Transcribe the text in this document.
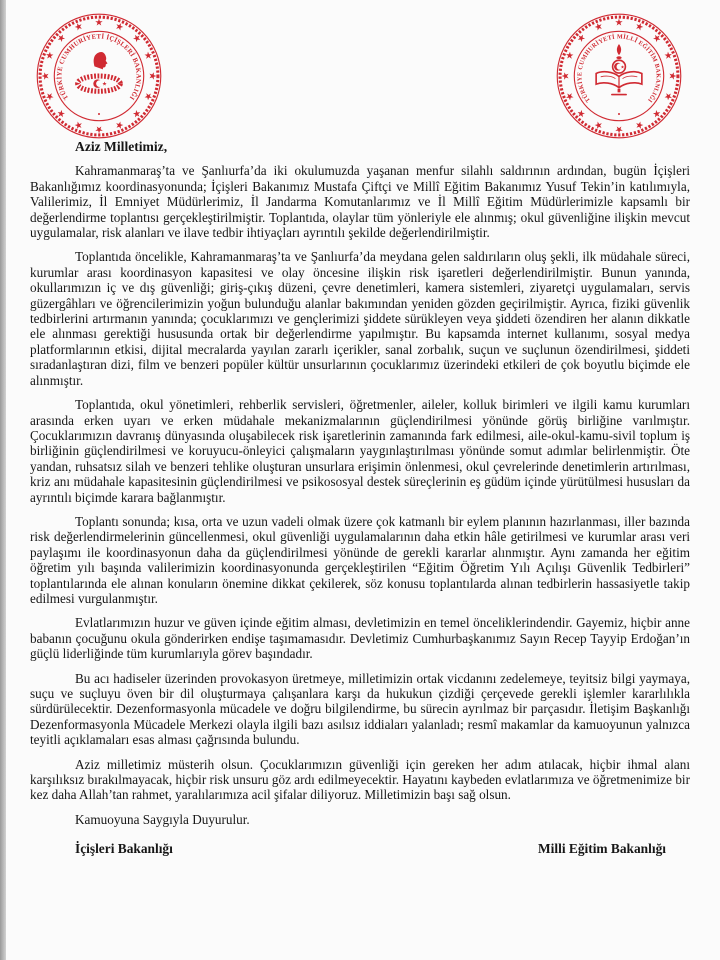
★
★
★
★
★
★
★
★
★
★
★
★ ★ ★
★
★
TÜRKİYE CUMHURİYETİ İÇİŞLERİ BAKANLIĞI
★
★
★
★
★
★
★
★
★
★
★
★
★ ★ ★
★
★
TÜRKİYE CUMHURİYETİ MİLLÎ EĞİTİM BAKANLIĞI
★

Aziz Milletimiz,

Kahramanmaraş’ta ve Şanlıurfa’da iki okulumuzda yaşanan menfur silahlı saldırının ardından, bugün İçişleri Bakanlığımız koordinasyonunda; İçişleri Bakanımız Mustafa Çiftçi ve Millî Eğitim Bakanımız Yusuf Tekin’in katılımıyla, Valilerimiz, İl Emniyet Müdürlerimiz, İl Jandarma Komutanlarımız ve İl Millî Eğitim Müdürlerimizle kapsamlı bir değerlendirme toplantısı gerçekleştirilmiştir. Toplantıda, olaylar tüm yönleriyle ele alınmış; okul güvenliğine ilişkin mevcut uygulamalar, risk alanları ve ilave tedbir ihtiyaçları ayrıntılı şekilde değerlendirilmiştir.

Toplantıda öncelikle, Kahramanmaraş’ta ve Şanlıurfa’da meydana gelen saldırıların oluş şekli, ilk müdahale süreci, kurumlar arası koordinasyon kapasitesi ve olay öncesine ilişkin risk işaretleri değerlendirilmiştir. Bunun yanında, okullarımızın iç ve dış güvenliği; giriş-çıkış düzeni, çevre denetimleri, kamera sistemleri, ziyaretçi uygulamaları, servis güzergâhları ve öğrencilerimizin yoğun bulunduğu alanlar bakımından yeniden gözden geçirilmiştir. Ayrıca, fiziki güvenlik tedbirlerini artırmanın yanında; çocuklarımızı ve gençlerimizi şiddete sürükleyen veya şiddeti özendiren her alanın dikkatle ele alınması gerektiği hususunda ortak bir değerlendirme yapılmıştır. Bu kapsamda internet kullanımı, sosyal medya platformlarının etkisi, dijital mecralarda yayılan zararlı içerikler, sanal zorbalık, suçun ve suçlunun özendirilmesi, şiddeti sıradanlaştıran dizi, film ve benzeri popüler kültür unsurlarının çocuklarımız üzerindeki etkileri de çok boyutlu biçimde ele alınmıştır.

Toplantıda, okul yönetimleri, rehberlik servisleri, öğretmenler, aileler, kolluk birimleri ve ilgili kamu kurumları arasında erken uyarı ve erken müdahale mekanizmalarının güçlendirilmesi yönünde görüş birliğine varılmıştır. Çocuklarımızın davranış dünyasında oluşabilecek risk işaretlerinin zamanında fark edilmesi, aile-okul-kamu-sivil toplum iş birliğinin güçlendirilmesi ve koruyucu-önleyici çalışmaların yaygınlaştırılması yönünde somut adımlar belirlenmiştir. Öte yandan, ruhsatsız silah ve benzeri tehlike oluşturan unsurlara erişimin önlenmesi, okul çevrelerinde denetimlerin artırılması, kriz anı müdahale kapasitesinin güçlendirilmesi ve psikososyal destek süreçlerinin eş güdüm içinde yürütülmesi hususları da ayrıntılı biçimde karara bağlanmıştır.

Toplantı sonunda; kısa, orta ve uzun vadeli olmak üzere çok katmanlı bir eylem planının hazırlanması, iller bazında risk değerlendirmelerinin güncellenmesi, okul güvenliği uygulamalarının daha etkin hâle getirilmesi ve kurumlar arası veri paylaşımı ile koordinasyonun daha da güçlendirilmesi yönünde de gerekli kararlar alınmıştır. Aynı zamanda her eğitim öğretim yılı başında valilerimizin koordinasyonunda gerçekleştirilen “Eğitim Öğretim Yılı Açılışı Güvenlik Tedbirleri” toplantılarında ele alınan konuların önemine dikkat çekilerek, söz konusu toplantılarda alınan tedbirlerin hassasiyetle takip edilmesi vurgulanmıştır.

Evlatlarımızın huzur ve güven içinde eğitim alması, devletimizin en temel önceliklerindendir. Gayemiz, hiçbir anne babanın çocuğunu okula gönderirken endişe taşımamasıdır. Devletimiz Cumhurbaşkanımız Sayın Recep Tayyip Erdoğan’ın güçlü liderliğinde tüm kurumlarıyla görev başındadır.

Bu acı hadiseler üzerinden provokasyon üretmeye, milletimizin ortak vicdanını zedelemeye, teyitsiz bilgi yaymaya, suçu ve suçluyu öven bir dil oluşturmaya çalışanlara karşı da hukukun çizdiği çerçevede gerekli işlemler kararlılıkla sürdürülecektir. Dezenformasyonla mücadele ve doğru bilgilendirme, bu sürecin ayrılmaz bir parçasıdır. İletişim Başkanlığı Dezenformasyonla Mücadele Merkezi olayla ilgili bazı asılsız iddiaları yalanladı; resmî makamlar da kamuoyunun yalnızca teyitli açıklamaları esas alması çağrısında bulundu.

Aziz milletimiz müsterih olsun. Çocuklarımızın güvenliği için gereken her adım atılacak, hiçbir ihmal alanı karşılıksız bırakılmayacak, hiçbir risk unsuru göz ardı edilmeyecektir. Hayatını kaybeden evlatlarımıza ve öğretmenimize bir kez daha Allah’tan rahmet, yaralılarımıza acil şifalar diliyoruz. Milletimizin başı sağ olsun.

Kamuoyuna Saygıyla Duyurulur.

İçişleri Bakanlığı	Milli Eğitim Bakanlığı
